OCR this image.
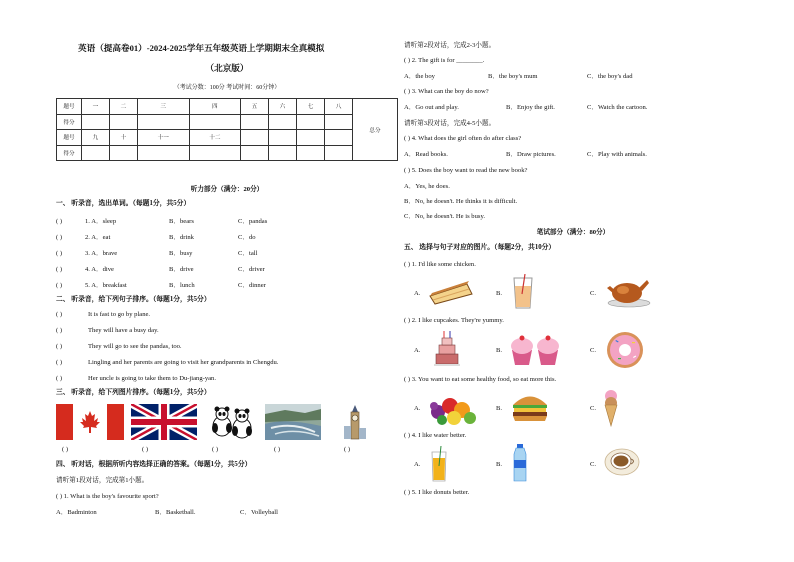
英语（提高卷01）-2024-2025学年五年级英语上学期期末全真模拟
（北京版）
（考试分数：100分 考试时间：60分钟）
题号	一	二	三	四	五	六	七	八	总分
得分									
题号	九	十	十一	十二					
得分									
听力部分（满分：20分）
一、 听录音，选出单词。（每题1分，共5分）
( )	1. A．sleep	B．bears	C．pandas
( )	2. A．eat	B．drink	C．do
( )	3. A．brave	B．busy	C．tall
( )	4. A．dive	B．drive	C．driver
( )	5. A．breakfast	B．lunch	C．dinner
二、 听录音，给下列句子排序。（每题1分，共5分）
( )	It is fast to go by plane.
( )	They will have a busy day.
( )	They will go to see the pandas, too.
( )	Lingling and her parents are going to visit her grandparents in Chengdu.
( )	Her uncle is going to take them to Du-jiang-yan.
三、 听录音，给下列图片排序。（每题1分，共5分）
( )	( )	( )	( )	( )
四、 听对话，根据所听内容选择正确的答案。（每题1分，共5分）
请听第1段对话，完成第1小题。
( ) 1. What is the boy's favourite sport?
A．Badminton	B．Basketball.	C．Volleyball
请听第2段对话，完成2-3小题。
( ) 2. The gift is for ________.
A．the boy	B．the boy's mum	C．the boy's dad
( ) 3. What can the boy do now?
A．Go out and play.	B．Enjoy the gift.	C．Watch the cartoon.
请听第3段对话，完成4-5小题。
( ) 4. What does the girl often do after class?
A．Read books.	B．Draw pictures.	C．Play with animals.
( ) 5. Does the boy want to read the new book?
A．Yes, he does.
B．No, he doesn't. He thinks it is difficult.
C．No, he doesn't. He is busy.
笔试部分（满分：80分）
五、 选择与句子对应的图片。（每题2分，共10分）
( ) 1. I'd like some chicken.
A.	B.	C.
( ) 2. I like cupcakes. They're yummy.
A.	B.	C.
( ) 3. You want to eat some healthy food, so eat more this.
A.	B.	C.
( ) 4. I like water better.
A.	B.	C.
( ) 5. I like donuts better.
